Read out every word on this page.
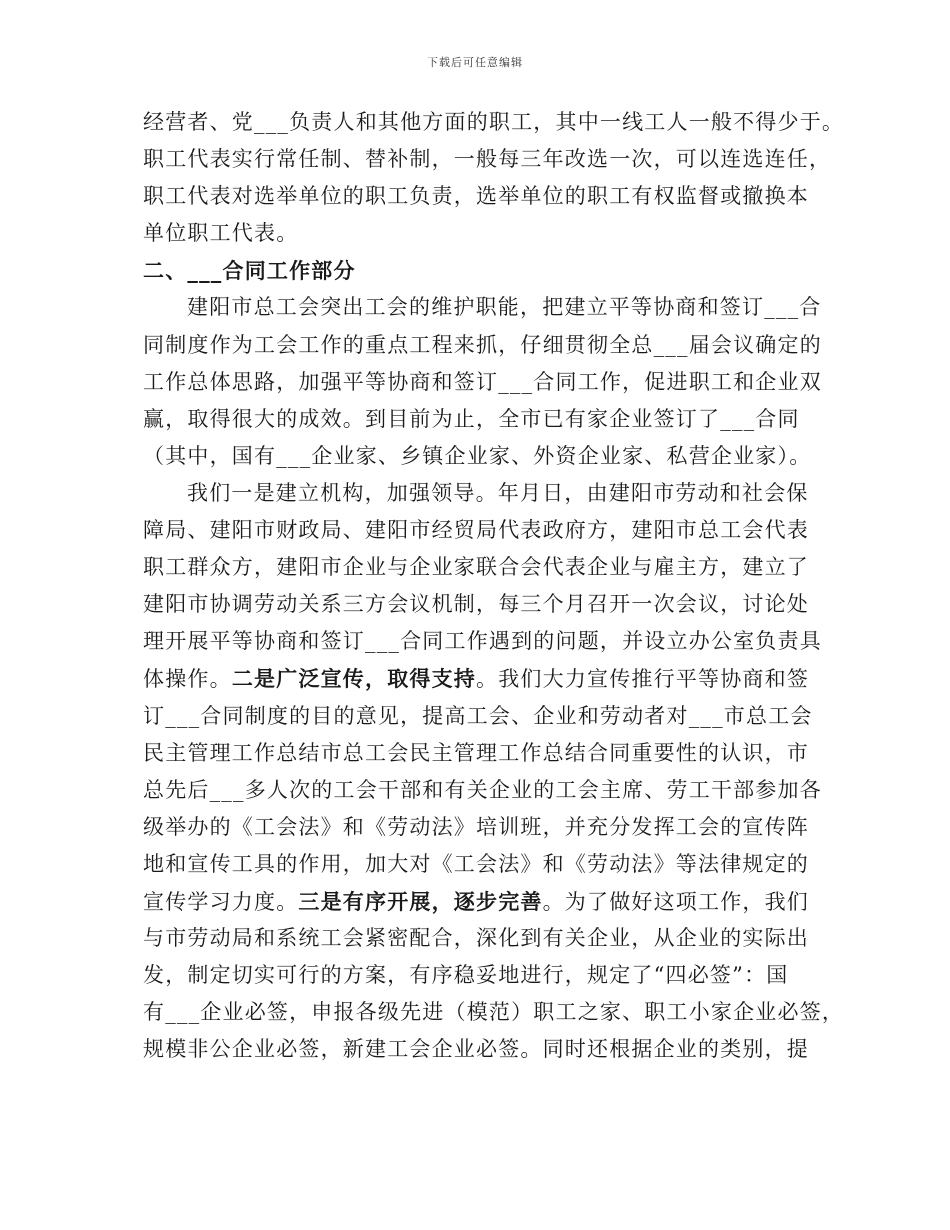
下载后可任意编辑
经营者、党___负责人和其他方面的职工，其中一线工人一般不得少于。
职工代表实行常任制、替补制，一般每三年改选一次，可以连选连任，
职工代表对选举单位的职工负责，选举单位的职工有权监督或撤换本
单位职工代表。
二、___合同工作部分
建阳市总工会突出工会的维护职能，把建立平等协商和签订___合
同制度作为工会工作的重点工程来抓，仔细贯彻全总___届会议确定的
工作总体思路，加强平等协商和签订___合同工作，促进职工和企业双
赢，取得很大的成效。到目前为止，全市已有家企业签订了___合同
（其中，国有___企业家、乡镇企业家、外资企业家、私营企业家）。
我们一是建立机构，加强领导。年月日，由建阳市劳动和社会保
障局、建阳市财政局、建阳市经贸局代表政府方，建阳市总工会代表
职工群众方，建阳市企业与企业家联合会代表企业与雇主方，建立了
建阳市协调劳动关系三方会议机制，每三个月召开一次会议，讨论处
理开展平等协商和签订___合同工作遇到的问题，并设立办公室负责具
体操作。二是广泛宣传，取得支持。我们大力宣传推行平等协商和签
订___合同制度的目的意见，提高工会、企业和劳动者对___市总工会
民主管理工作总结市总工会民主管理工作总结合同重要性的认识，市
总先后___多人次的工会干部和有关企业的工会主席、劳工干部参加各
级举办的《工会法》和《劳动法》培训班，并充分发挥工会的宣传阵
地和宣传工具的作用，加大对《工会法》和《劳动法》等法律规定的
宣传学习力度。三是有序开展，逐步完善。为了做好这项工作，我们
与市劳动局和系统工会紧密配合，深化到有关企业，从企业的实际出
发，制定切实可行的方案，有序稳妥地进行，规定了“四必签”：国
有___企业必签，申报各级先进（模范）职工之家、职工小家企业必签，
规模非公企业必签，新建工会企业必签。同时还根据企业的类别，提
